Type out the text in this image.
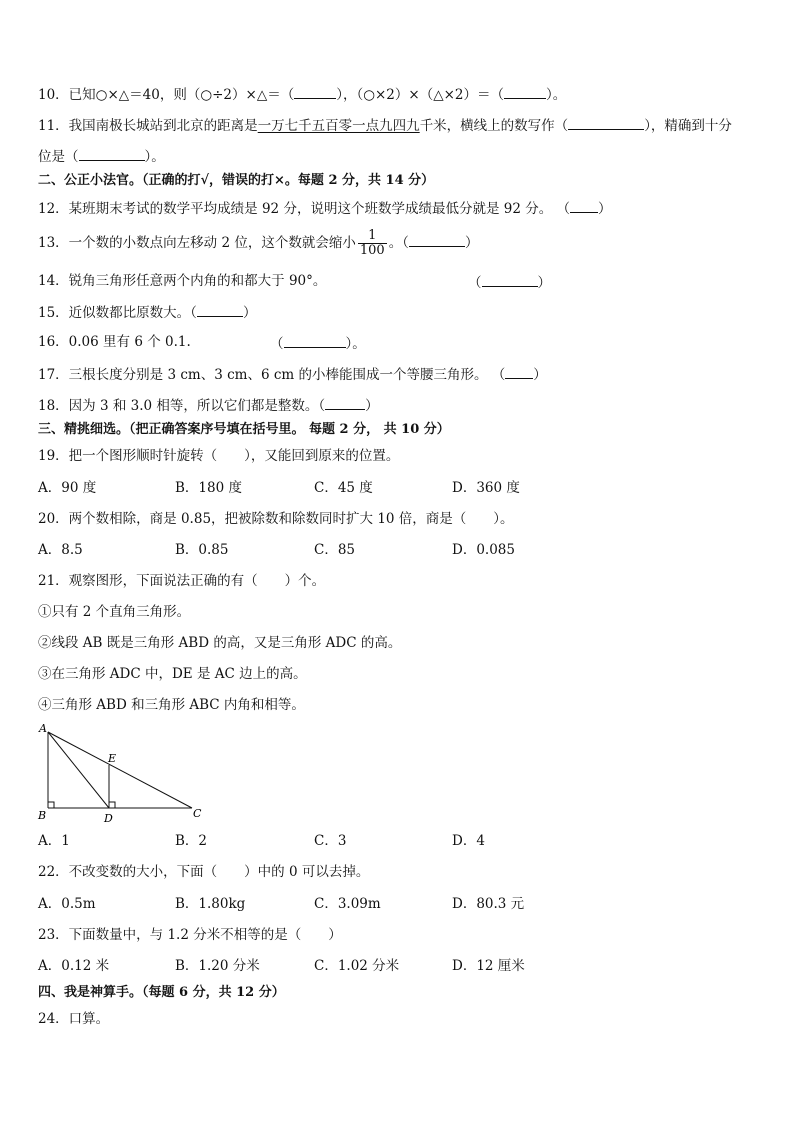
10．已知○×△＝40，则（○÷2）×△＝（	），（○×2）×（△×2）＝（	）。
11．我国南极长城站到北京的距离是一万七千五百零一点九四九千米，横线上的数写作（	），精确到十分
位是（	）。
二、公正小法官。（正确的打√，错误的打×。每题 2 分，共 14 分）
12．某班期末考试的数学平均成绩是 92 分，说明这个班数学成绩最低分就是 92 分。 （ ）
13．一个数的小数点向左移动 2 位，这个数就会缩小 $\frac{1}{100}$ 。（	）
14．锐角三角形任意两个内角的和都大于 90°。	（	）
15．近似数都比原数大。（	）
16．0.06 里有 6 个 0.1.	（	）。
17．三根长度分别是 3 cm、3 cm、6 cm 的小棒能围成一个等腰三角形。 （ ）
18．因为 3 和 3.0 相等，所以它们都是整数。（	）
三、精挑细选。（把正确答案序号填在括号里。 每题 2 分， 共 10 分）
19．把一个图形顺时针旋转（　　），又能回到原来的位置。
A．90 度	B．180 度	C．45 度	D．360 度
20．两个数相除，商是 0.85，把被除数和除数同时扩大 10 倍，商是（　　）。
A．8.5	B．0.85	C．85	D．0.085
21．观察图形，下面说法正确的有（　　）个。
①只有 2 个直角三角形。
②线段 AB 既是三角形 ABD 的高，又是三角形 ADC 的高。
③在三角形 ADC 中，DE 是 AC 边上的高。
④三角形 ABD 和三角形 ABC 内角和相等。
A
B	C
D
E
A．1	B．2	C．3	D．4
22．不改变数的大小，下面（　　）中的 0 可以去掉。
A．0.5m	B．1.80kg	C．3.09m	D．80.3 元
23．下面数量中，与 1.2 分米不相等的是（　　）
A．0.12 米	B．1.20 分米	C．1.02 分米	D．12 厘米
四、我是神算手。（每题 6 分，共 12 分）
24．口算。
